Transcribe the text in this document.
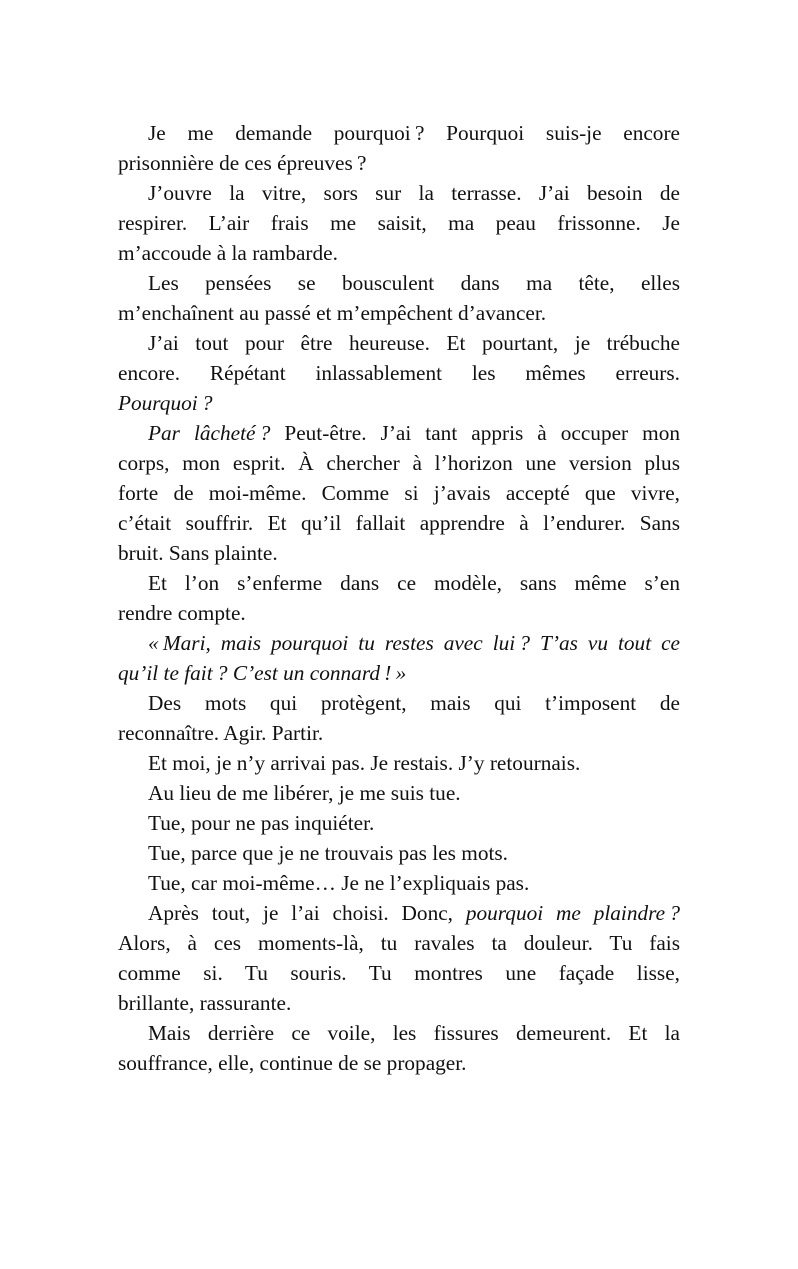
Je me demande pourquoi ? Pourquoi suis-je encore
prisonnière de ces épreuves ?
J’ouvre la vitre, sors sur la terrasse. J’ai besoin de
respirer. L’air frais me saisit, ma peau frissonne. Je
m’accoude à la rambarde.
Les pensées se bousculent dans ma tête, elles
m’enchaînent au passé et m’empêchent d’avancer.
J’ai tout pour être heureuse. Et pourtant, je trébuche
encore. Répétant inlassablement les mêmes erreurs.
Pourquoi ?
Par lâcheté ? Peut-être. J’ai tant appris à occuper mon
corps, mon esprit. À chercher à l’horizon une version plus
forte de moi-même. Comme si j’avais accepté que vivre,
c’était souffrir. Et qu’il fallait apprendre à l’endurer. Sans
bruit. Sans plainte.
Et l’on s’enferme dans ce modèle, sans même s’en
rendre compte.
« Mari, mais pourquoi tu restes avec lui ? T’as vu tout ce
qu’il te fait ? C’est un connard ! »
Des mots qui protègent, mais qui t’imposent de
reconnaître. Agir. Partir.
Et moi, je n’y arrivai pas. Je restais. J’y retournais.
Au lieu de me libérer, je me suis tue.
Tue, pour ne pas inquiéter.
Tue, parce que je ne trouvais pas les mots.
Tue, car moi-même… Je ne l’expliquais pas.
Après tout, je l’ai choisi. Donc, pourquoi me plaindre ?
Alors, à ces moments-là, tu ravales ta douleur. Tu fais
comme si. Tu souris. Tu montres une façade lisse,
brillante, rassurante.
Mais derrière ce voile, les fissures demeurent. Et la
souffrance, elle, continue de se propager.
